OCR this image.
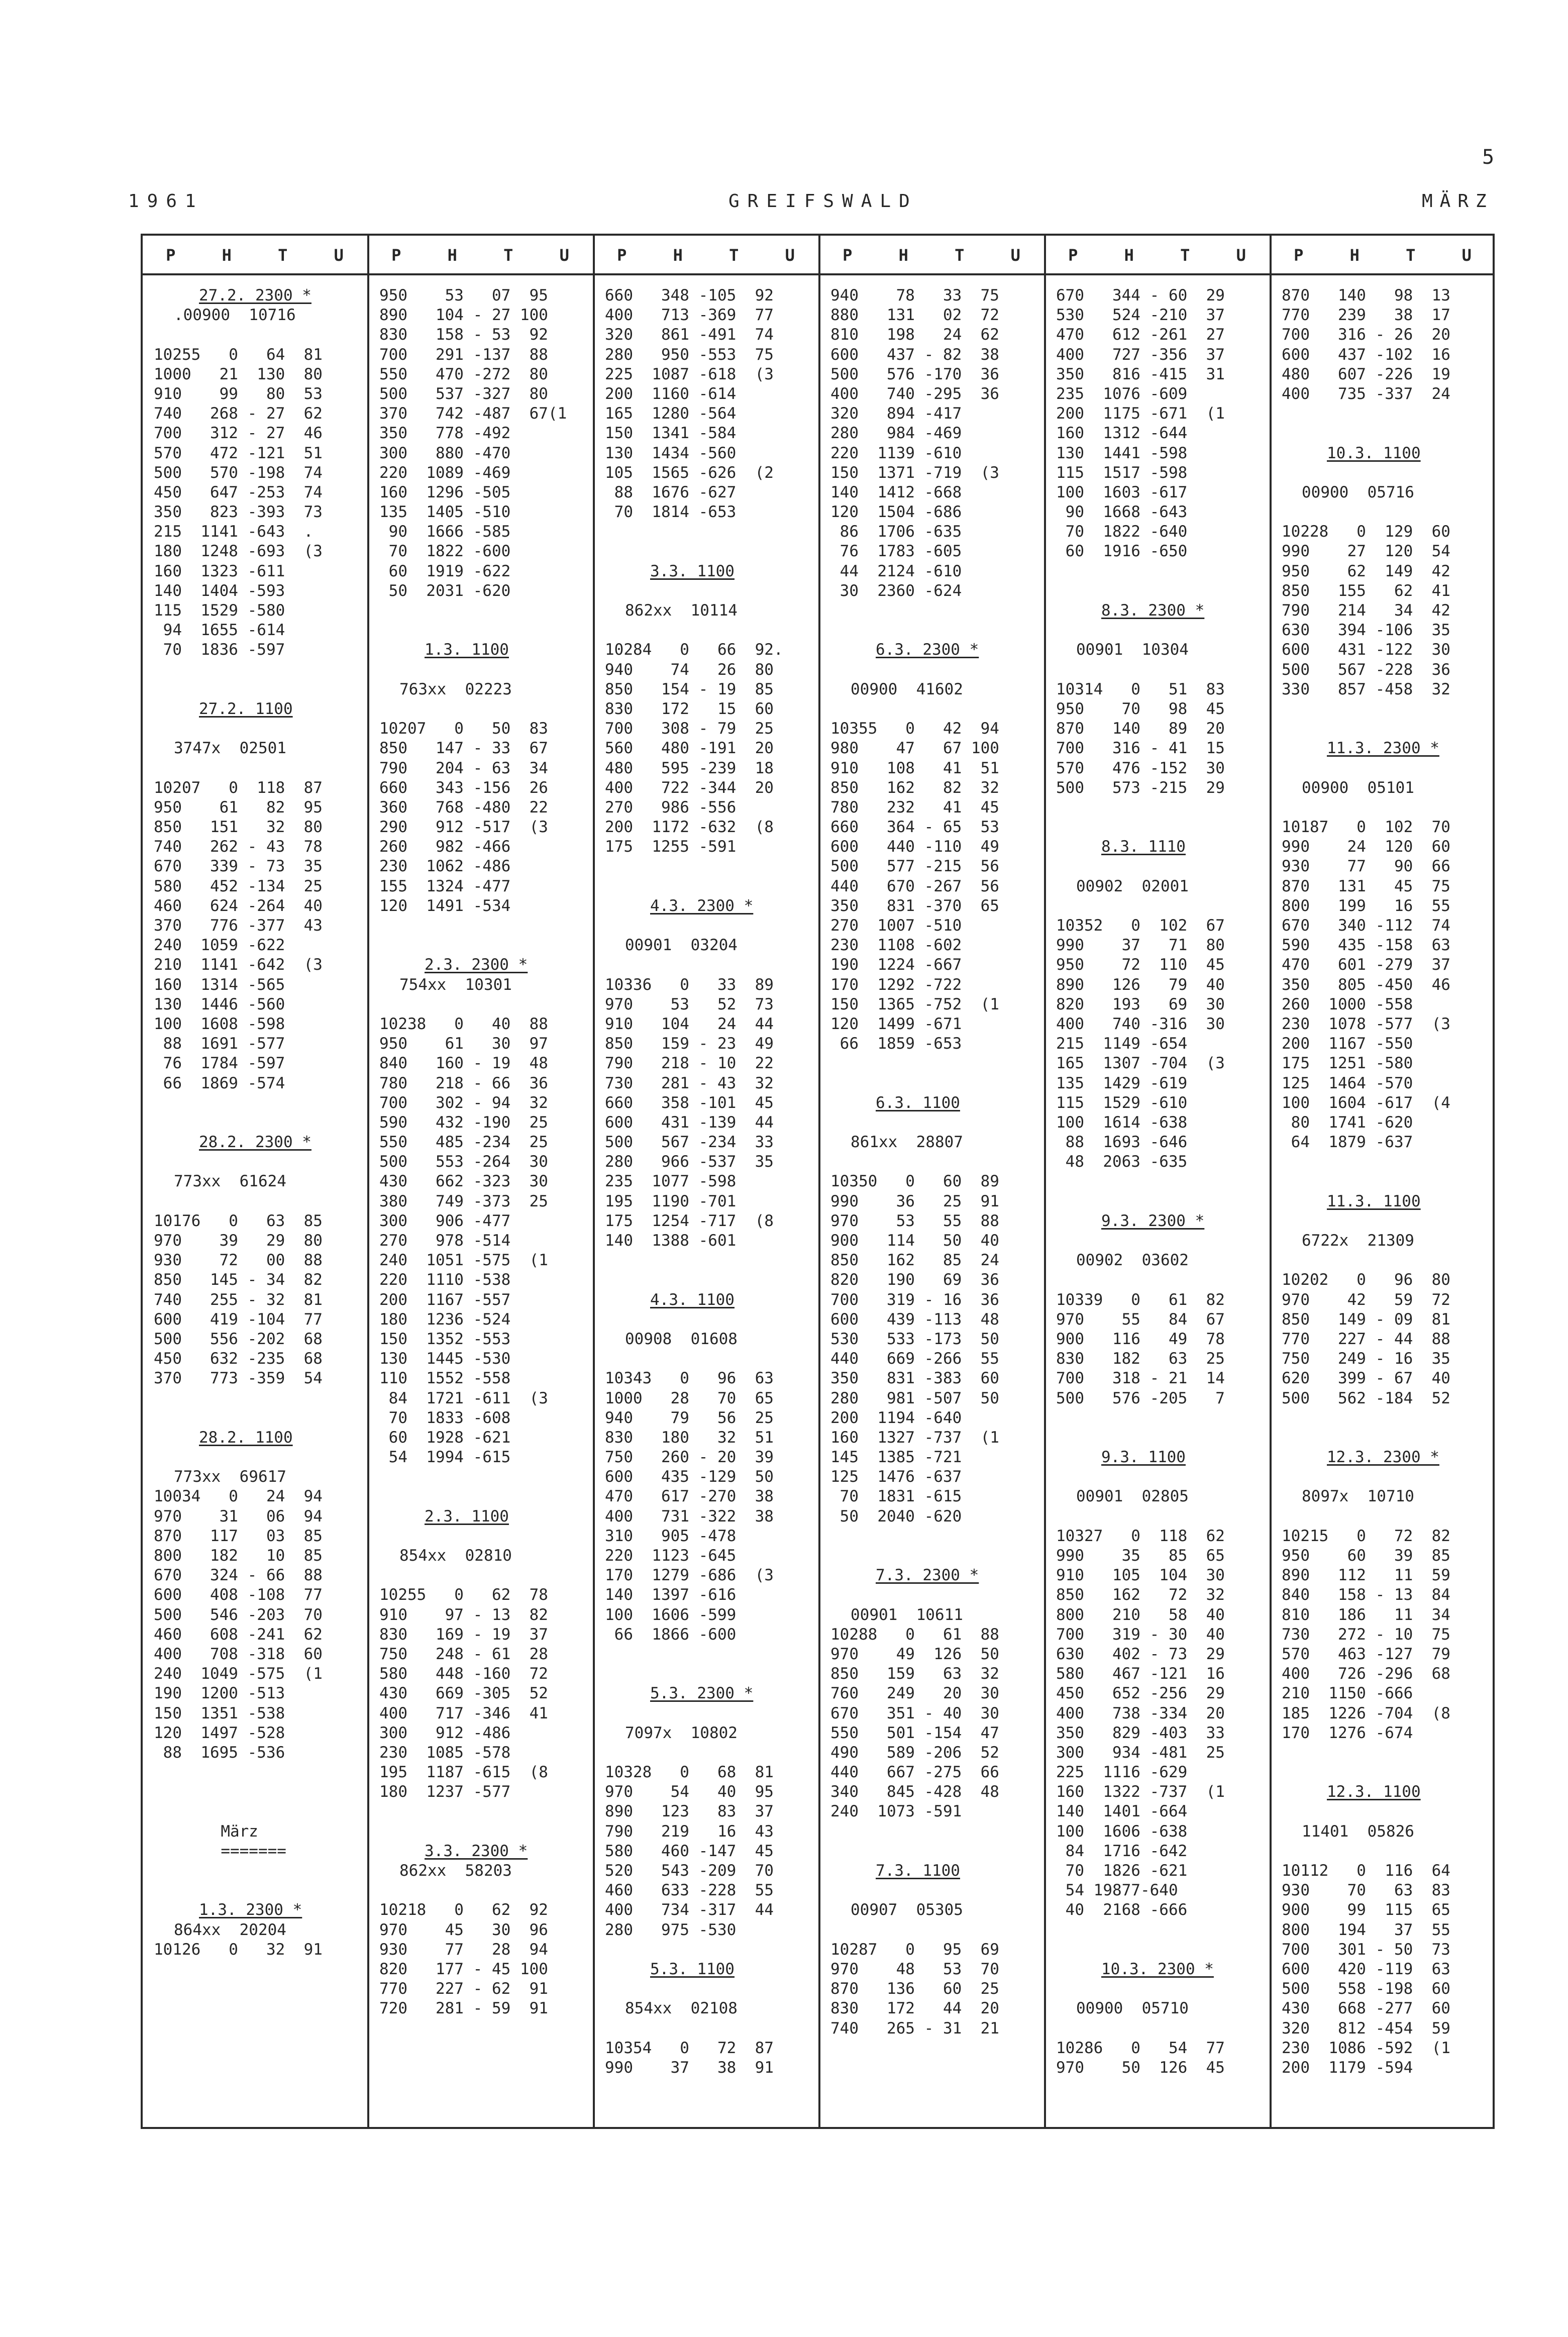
5
1961	GREIFSWALD	MÄRZ
P	H	T	U	P	H	T	U	P	H	T	U	P	H	T	U	P	H	T	U	P	H	T	U
27.2. 2300 *
.00900  10716
10255   0   64  81
1000   21  130  80
910    99   80  53
740   268 - 27  62
700   312 - 27  46
570   472 -121  51
500   570 -198  74
450   647 -253  74
350   823 -393  73
215  1141 -643  .
180  1248 -693  (3
160  1323 -611
140  1404 -593
115  1529 -580
94  1655 -614
70  1836 -597
27.2. 1100
3747x  02501
10207   0  118  87
950    61   82  95
850   151   32  80
740   262 - 43  78
670   339 - 73  35
580   452 -134  25
460   624 -264  40
370   776 -377  43
240  1059 -622
210  1141 -642  (3
160  1314 -565
130  1446 -560
100  1608 -598
88  1691 -577
76  1784 -597
66  1869 -574
28.2. 2300 *
773xx  61624
10176   0   63  85
970    39   29  80
930    72   00  88
850   145 - 34  82
740   255 - 32  81
600   419 -104  77
500   556 -202  68
450   632 -235  68
370   773 -359  54
28.2. 1100
773xx  69617
10034   0   24  94
970    31   06  94
870   117   03  85
800   182   10  85
670   324 - 66  88
600   408 -108  77
500   546 -203  70
460   608 -241  62
400   708 -318  60
240  1049 -575  (1
190  1200 -513
150  1351 -538
120  1497 -528
88  1695 -536
März
=======
1.3. 2300 *
864xx  20204
10126   0   32  91
950    53   07  95
890   104 - 27 100
830   158 - 53  92
700   291 -137  88
550   470 -272  80
500   537 -327  80
370   742 -487  67(1
350   778 -492
300   880 -470
220  1089 -469
160  1296 -505
135  1405 -510
90  1666 -585
70  1822 -600
60  1919 -622
50  2031 -620
1.3. 1100
763xx  02223
10207   0   50  83
850   147 - 33  67
790   204 - 63  34
660   343 -156  26
360   768 -480  22
290   912 -517  (3
260   982 -466
230  1062 -486
155  1324 -477
120  1491 -534
2.3. 2300 *
754xx  10301
10238   0   40  88
950    61   30  97
840   160 - 19  48
780   218 - 66  36
700   302 - 94  32
590   432 -190  25
550   485 -234  25
500   553 -264  30
430   662 -323  30
380   749 -373  25
300   906 -477
270   978 -514
240  1051 -575  (1
220  1110 -538
200  1167 -557
180  1236 -524
150  1352 -553
130  1445 -530
110  1552 -558
84  1721 -611  (3
70  1833 -608
60  1928 -621
54  1994 -615
2.3. 1100
854xx  02810
10255   0   62  78
910    97 - 13  82
830   169 - 19  37
750   248 - 61  28
580   448 -160  72
430   669 -305  52
400   717 -346  41
300   912 -486
230  1085 -578
195  1187 -615  (8
180  1237 -577
3.3. 2300 *
862xx  58203
10218   0   62  92
970    45   30  96
930    77   28  94
820   177 - 45 100
770   227 - 62  91
720   281 - 59  91
660   348 -105  92
400   713 -369  77
320   861 -491  74
280   950 -553  75
225  1087 -618  (3
200  1160 -614
165  1280 -564
150  1341 -584
130  1434 -560
105  1565 -626  (2
88  1676 -627
70  1814 -653
3.3. 1100
862xx  10114
10284   0   66  92.
940    74   26  80
850   154 - 19  85
830   172   15  60
700   308 - 79  25
560   480 -191  20
480   595 -239  18
400   722 -344  20
270   986 -556
200  1172 -632  (8
175  1255 -591
4.3. 2300 *
00901  03204
10336   0   33  89
970    53   52  73
910   104   24  44
850   159 - 23  49
790   218 - 10  22
730   281 - 43  32
660   358 -101  45
600   431 -139  44
500   567 -234  33
280   966 -537  35
235  1077 -598
195  1190 -701
175  1254 -717  (8
140  1388 -601
4.3. 1100
00908  01608
10343   0   96  63
1000   28   70  65
940    79   56  25
830   180   32  51
750   260 - 20  39
600   435 -129  50
470   617 -270  38
400   731 -322  38
310   905 -478
220  1123 -645
170  1279 -686  (3
140  1397 -616
100  1606 -599
66  1866 -600
5.3. 2300 *
7097x  10802
10328   0   68  81
970    54   40  95
890   123   83  37
790   219   16  43
580   460 -147  45
520   543 -209  70
460   633 -228  55
400   734 -317  44
280   975 -530
5.3. 1100
854xx  02108
10354   0   72  87
990    37   38  91
940    78   33  75
880   131   02  72
810   198   24  62
600   437 - 82  38
500   576 -170  36
400   740 -295  36
320   894 -417
280   984 -469
220  1139 -610
150  1371 -719  (3
140  1412 -668
120  1504 -686
86  1706 -635
76  1783 -605
44  2124 -610
30  2360 -624
6.3. 2300 *
00900  41602
10355   0   42  94
980    47   67 100
910   108   41  51
850   162   82  32
780   232   41  45
660   364 - 65  53
600   440 -110  49
500   577 -215  56
440   670 -267  56
350   831 -370  65
270  1007 -510
230  1108 -602
190  1224 -667
170  1292 -722
150  1365 -752  (1
120  1499 -671
66  1859 -653
6.3. 1100
861xx  28807
10350   0   60  89
990    36   25  91
970    53   55  88
900   114   50  40
850   162   85  24
820   190   69  36
700   319 - 16  36
600   439 -113  48
530   533 -173  50
440   669 -266  55
350   831 -383  60
280   981 -507  50
200  1194 -640
160  1327 -737  (1
145  1385 -721
125  1476 -637
70  1831 -615
50  2040 -620
7.3. 2300 *
00901  10611
10288   0   61  88
970    49  126  50
850   159   63  32
760   249   20  30
670   351 - 40  30
550   501 -154  47
490   589 -206  52
440   667 -275  66
340   845 -428  48
240  1073 -591
7.3. 1100
00907  05305
10287   0   95  69
970    48   53  70
870   136   60  25
830   172   44  20
740   265 - 31  21
670   344 - 60  29
530   524 -210  37
470   612 -261  27
400   727 -356  37
350   816 -415  31
235  1076 -609
200  1175 -671  (1
160  1312 -644
130  1441 -598
115  1517 -598
100  1603 -617
90  1668 -643
70  1822 -640
60  1916 -650
8.3. 2300 *
00901  10304
10314   0   51  83
950    70   98  45
870   140   89  20
700   316 - 41  15
570   476 -152  30
500   573 -215  29
8.3. 1110
00902  02001
10352   0  102  67
990    37   71  80
950    72  110  45
890   126   79  40
820   193   69  30
400   740 -316  30
215  1149 -654
165  1307 -704  (3
135  1429 -619
115  1529 -610
100  1614 -638
88  1693 -646
48  2063 -635
9.3. 2300 *
00902  03602
10339   0   61  82
970    55   84  67
900   116   49  78
830   182   63  25
700   318 - 21  14
500   576 -205   7
9.3. 1100
00901  02805
10327   0  118  62
990    35   85  65
910   105  104  30
850   162   72  32
800   210   58  40
700   319 - 30  40
630   402 - 73  29
580   467 -121  16
450   652 -256  29
400   738 -334  20
350   829 -403  33
300   934 -481  25
225  1116 -629
160  1322 -737  (1
140  1401 -664
100  1606 -638
84  1716 -642
70  1826 -621
54 19877-640
40  2168 -666
10.3. 2300 *
00900  05710
10286   0   54  77
970    50  126  45
870   140   98  13
770   239   38  17
700   316 - 26  20
600   437 -102  16
480   607 -226  19
400   735 -337  24
10.3. 1100
00900  05716
10228   0  129  60
990    27  120  54
950    62  149  42
850   155   62  41
790   214   34  42
630   394 -106  35
600   431 -122  30
500   567 -228  36
330   857 -458  32
11.3. 2300 *
00900  05101
10187   0  102  70
990    24  120  60
930    77   90  66
870   131   45  75
800   199   16  55
670   340 -112  74
590   435 -158  63
470   601 -279  37
350   805 -450  46
260  1000 -558
230  1078 -577  (3
200  1167 -550
175  1251 -580
125  1464 -570
100  1604 -617  (4
80  1741 -620
64  1879 -637
11.3. 1100
6722x  21309
10202   0   96  80
970    42   59  72
850   149 - 09  81
770   227 - 44  88
750   249 - 16  35
620   399 - 67  40
500   562 -184  52
12.3. 2300 *
8097x  10710
10215   0   72  82
950    60   39  85
890   112   11  59
840   158 - 13  84
810   186   11  34
730   272 - 10  75
570   463 -127  79
400   726 -296  68
210  1150 -666
185  1226 -704  (8
170  1276 -674
12.3. 1100
11401  05826
10112   0  116  64
930    70   63  83
900    99  115  65
800   194   37  55
700   301 - 50  73
600   420 -119  63
500   558 -198  60
430   668 -277  60
320   812 -454  59
230  1086 -592  (1
200  1179 -594
